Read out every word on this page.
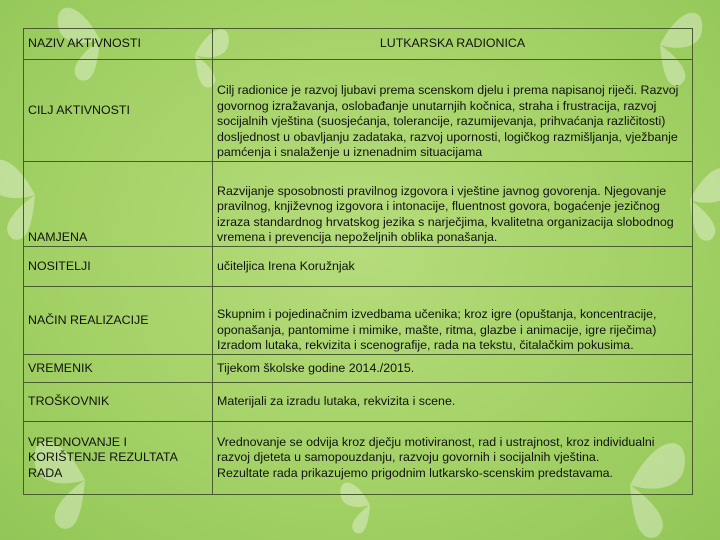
NAZIV AKTIVNOSTI	LUTKARSKA RADIONICA
CILJ AKTIVNOSTI	Cilj radionice je razvoj ljubavi prema scenskom djelu i prema napisanoj riječi. Razvoj govornog izražavanja, oslobađanje unutarnjih kočnica, straha i frustracija, razvoj socijalnih vještina (suosjećanja, tolerancije, razumijevanja, prihvaćanja različitosti) dosljednost u obavljanju zadataka, razvoj upornosti, logičkog razmišljanja, vježbanje pamćenja i snalaženje u iznenadnim situacijama

NAMJENA	Razvijanje sposobnosti pravilnog izgovora i vještine javnog govorenja. Njegovanje pravilnog, književnog izgovora i intonacije, fluentnost govora, bogaćenje jezičnog izraza standardnog hrvatskog jezika s narječjima, kvalitetna organizacija slobodnog vremena i prevencija nepoželjnih oblika ponašanja.

NOSITELJI	učiteljica Irena Koružnjak

NAČIN REALIZACIJE	Skupnim i pojedinačnim izvedbama učenika; kroz igre (opuštanja, koncentracije, oponašanja, pantomime i mimike, mašte, ritma, glazbe i animacije, igre riječima)
Izradom lutaka, rekvizita i scenografije, rada na tekstu, čitalačkim pokusima.

VREMENIK	Tijekom školske godine 2014./2015.

TROŠKOVNIK	Materijali za izradu lutaka, rekvizita i scene.

VREDNOVANJE I KORIŠTENJE REZULTATA RADA	Vrednovanje se odvija kroz dječju motiviranost, rad i ustrajnost, kroz individualni razvoj djeteta u samopouzdanju, razvoju govornih i socijalnih vještina.
Rezultate rada prikazujemo prigodnim lutkarsko-scenskim predstavama.
